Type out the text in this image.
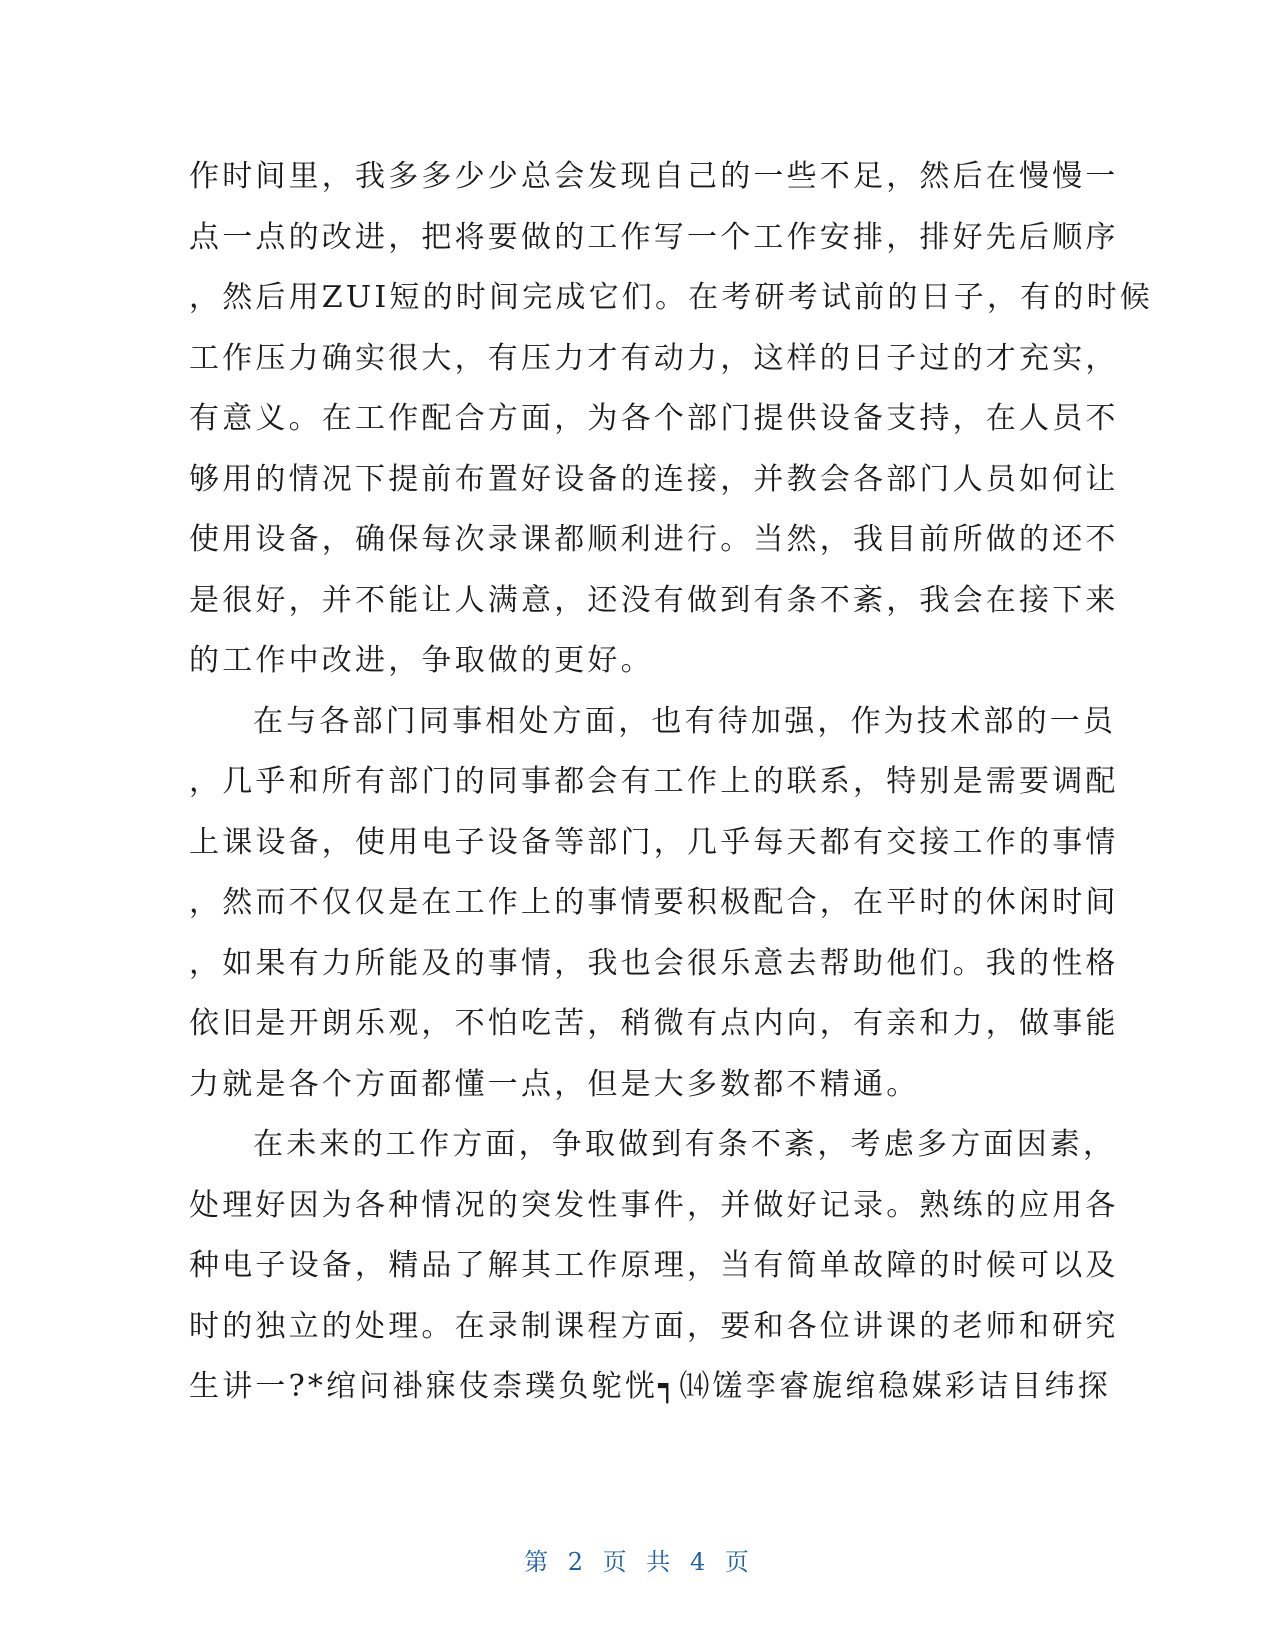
作时间里，我多多少少总会发现自己的一些不足，然后在慢慢一
点一点的改进，把将要做的工作写一个工作安排，排好先后顺序
，然后用ZUI短的时间完成它们。在考研考试前的日子，有的时候
工作压力确实很大，有压力才有动力，这样的日子过的才充实，
有意义。在工作配合方面，为各个部门提供设备支持，在人员不
够用的情况下提前布置好设备的连接，并教会各部门人员如何让
使用设备，确保每次录课都顺利进行。当然，我目前所做的还不
是很好，并不能让人满意，还没有做到有条不紊，我会在接下来
的工作中改进，争取做的更好。
在与各部门同事相处方面，也有待加强，作为技术部的一员
，几乎和所有部门的同事都会有工作上的联系，特别是需要调配
上课设备，使用电子设备等部门，几乎每天都有交接工作的事情
，然而不仅仅是在工作上的事情要积极配合，在平时的休闲时间
，如果有力所能及的事情，我也会很乐意去帮助他们。我的性格
依旧是开朗乐观，不怕吃苦，稍微有点内向，有亲和力，做事能
力就是各个方面都懂一点，但是大多数都不精通。
在未来的工作方面，争取做到有条不紊，考虑多方面因素，
处理好因为各种情况的突发性事件，并做好记录。熟练的应用各
种电子设备，精品了解其工作原理，当有简单故障的时候可以及
时的独立的处理。在录制课程方面，要和各位讲课的老师和研究
生讲一?*绾问褂寐伎柰璞负鸵恍┑⒁馐孪睿旎绾稳媒彩诘目纬探
第 2 页 共 4 页
